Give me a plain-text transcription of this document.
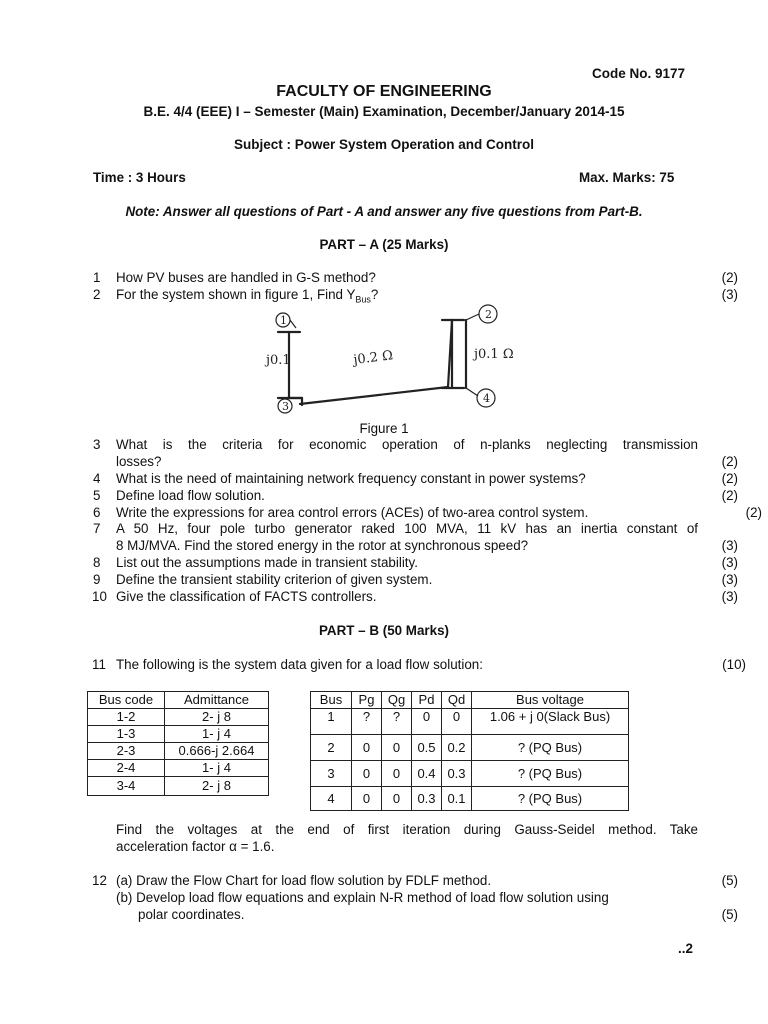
Code No. 9177
FACULTY OF ENGINEERING
B.E. 4/4 (EEE) I – Semester (Main) Examination, December/January 2014-15
Subject : Power System Operation and Control
Time : 3 Hours	Max. Marks: 75
Note: Answer all questions of Part - A and answer any five questions from Part-B.
PART – A (25 Marks)
1 How PV buses are handled in G-S method?	(2)
2 For the system shown in figure 1, Find $Y_{Bus}$?	(3)
1	2
3
4
j0.1	j0.2 Ω	j0.1 Ω
Figure 1
3 What is the criteria for economic operation of n-planks neglecting transmission
losses?	(2)
4 What is the need of maintaining network frequency constant in power systems?	(2)
5 Define load flow solution.	(2)
6 Write the expressions for area control errors (ACEs) of two-area control system.	(2)
7 A 50 Hz, four pole turbo generator raked 100 MVA, 11 kV has an inertia constant of
8 MJ/MVA. Find the stored energy in the rotor at synchronous speed?	(3)
8 List out the assumptions made in transient stability.	(3)
9 Define the transient stability criterion of given system.	(3)
10 Give the classification of FACTS controllers.	(3)
PART – B (50 Marks)
11 The following is the system data given for a load flow solution:	(10)
Bus code	Admittance
1-2	2- j 8
1-3	1- j 4
2-3	0.666-j 2.664
2-4	1- j 4
3-4	2- j 8
Bus	Pg	Qg	Pd	Qd	Bus voltage
1	?	?	0	0	1.06 + j 0(Slack Bus)
2	0	0	0.5	0.2	? (PQ Bus)
3	0	0	0.4	0.3	? (PQ Bus)
4	0	0	0.3	0.1	? (PQ Bus)
Find the voltages at the end of first iteration during Gauss-Seidel method. Take
acceleration factor α = 1.6.
12 (a) Draw the Flow Chart for load flow solution by FDLF method.	(5)
(b) Develop load flow equations and explain N-R method of load flow solution using
polar coordinates.	(5)
..2
